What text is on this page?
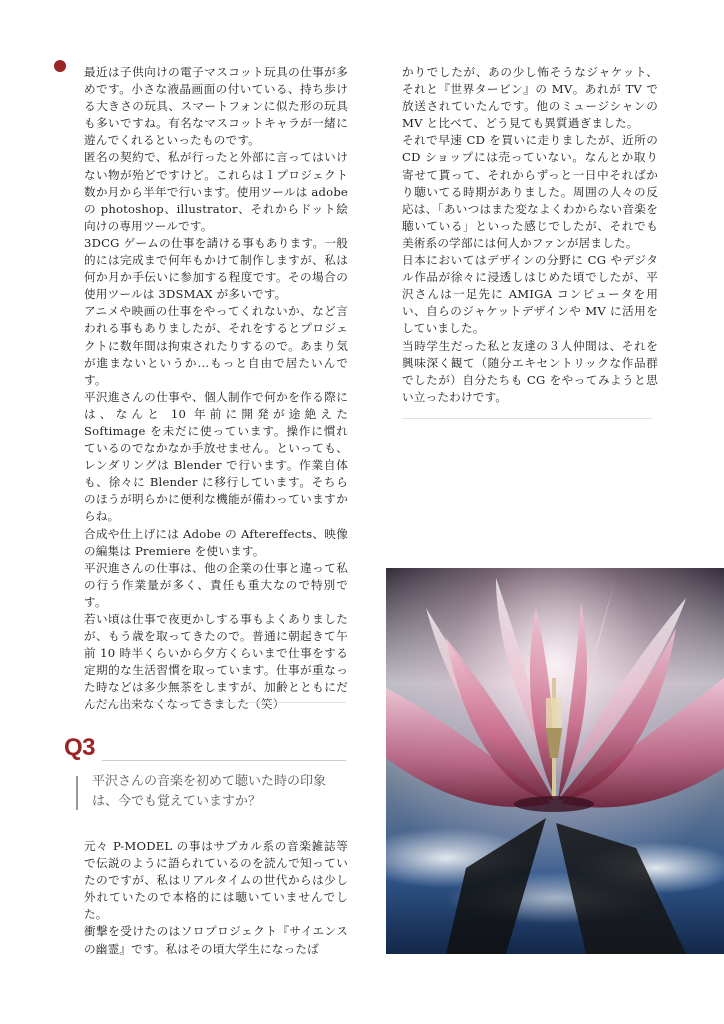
最近は子供向けの電子マスコット玩具の仕事が多めです。小さな液晶画面の付いている、持ち歩ける大きさの玩具、スマートフォンに似た形の玩具も多いですね。有名なマスコットキャラが一緒に遊んでくれるといったものです。

匿名の契約で、私が行ったと外部に言ってはいけない物が殆どですけど。これらは１プロジェクト数か月から半年で行います。使用ツールは adobe の photoshop、illustrator、それからドット絵向けの専用ツールです。

3DCG ゲームの仕事を請ける事もあります。一般的には完成まで何年もかけて制作しますが、私は何か月か手伝いに参加する程度です。その場合の使用ツールは 3DSMAX が多いです。

アニメや映画の仕事をやってくれないか、など言われる事もありましたが、それをするとプロジェクトに数年間は拘束されたりするので。あまり気が進まないというか…もっと自由で居たいんです。

平沢進さんの仕事や、個人制作で何かを作る際には、なんと 10 年前に開発が途絶えた Softimage を未だに使っています。操作に慣れているのでなかなか手放せません。といっても、レンダリングは Blender で行います。作業自体も、徐々に Blender に移行しています。そちらのほうが明らかに便利な機能が備わっていますからね。

合成や仕上げには Adobe の Aftereffects、映像の編集は Premiere を使います。

平沢進さんの仕事は、他の企業の仕事と違って私の行う作業量が多く、責任も重大なので特別です。

若い頃は仕事で夜更かしする事もよくありましたが、もう歳を取ってきたので。普通に朝起きて午前 10 時半くらいから夕方くらいまで仕事をする定期的な生活習慣を取っています。仕事が重なった時などは多少無茶をしますが、加齢とともにだんだん出来なくなってきました（笑）

Q3
平沢さんの音楽を初めて聴いた時の印象は、今でも覚えていますか？

元々 P-MODEL の事はサブカル系の音楽雑誌等で伝説のように語られているのを読んで知っていたのですが、私はリアルタイムの世代からは少し外れていたので本格的には聴いていませんでした。

衝撃を受けたのはソロプロジェクト『サイエンスの幽霊』です。私はその頃大学生になったば

かりでしたが、あの少し怖そうなジャケット、それと『世界タービン』の MV。あれが TV で放送されていたんです。他のミュージシャンの MV と比べて、どう見ても異質過ぎました。

それで早速 CD を買いに走りましたが、近所の CD ショップには売っていない。なんとか取り寄せて貰って、それからずっと一日中そればかり聴いてる時期がありました。周囲の人々の反応は、「あいつはまた変なよくわからない音楽を聴いている」といった感じでしたが、それでも美術系の学部には何人かファンが居ました。

日本においてはデザインの分野に CG やデジタル作品が徐々に浸透しはじめた頃でしたが、平沢さんは一足先に AMIGA コンピュータを用い、自らのジャケットデザインや MV に活用をしていました。

当時学生だった私と友達の３人仲間は、それを興味深く観て（随分エキセントリックな作品群でしたが）自分たちも CG をやってみようと思い立ったわけです。
